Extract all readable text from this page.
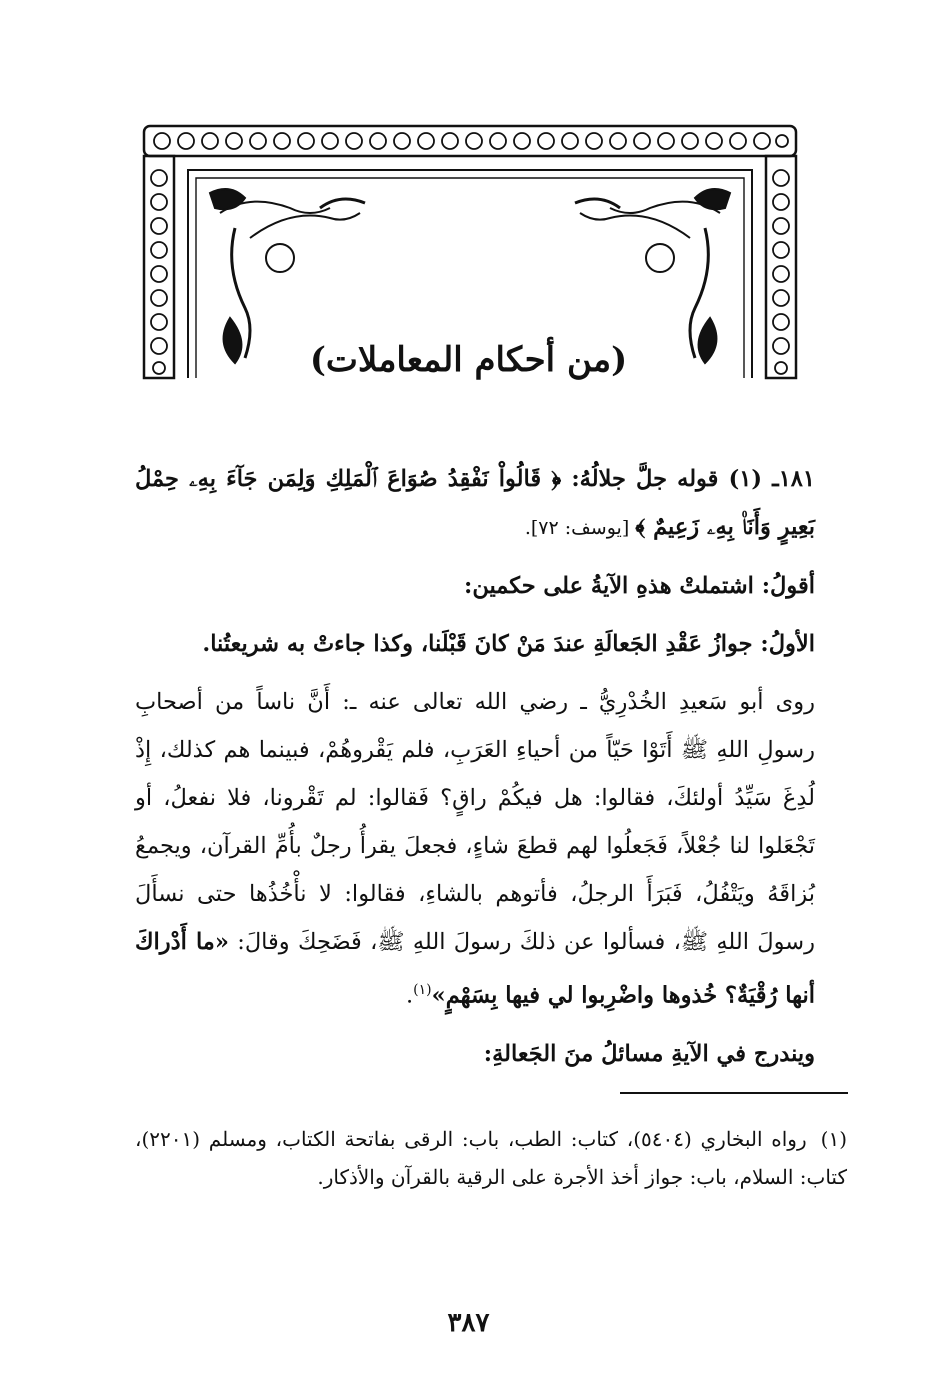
(من أحكام المعاملات)

١٨١ـ (١) قوله جلَّ جلالُهُ: ﴿ قَالُواْ نَفْقِدُ صُوَاعَ ٱلْمَلِكِ وَلِمَن جَآءَ بِهِۦ حِمْلُ بَعِيرٍ وَأَنَا۠ بِهِۦ زَعِيمٌ ﴾ [يوسف: ٧٢].

أقولُ: اشتملتْ هذهِ الآيةُ على حكمين:

الأولُ: جوازُ عَقْدِ الجَعالَةِ عندَ مَنْ كانَ قَبْلَنا، وكذا جاءتْ به شريعتُنا.

روى أبو سَعيدِ الخُدْرِيُّ ـ رضي الله تعالى عنه ـ: أَنَّ ناساً من أصحابِ رسولِ اللهِ ﷺ أَتَوْا حَيّاً من أحياءِ العَرَبِ، فلم يَقْروهُمْ، فبينما هم كذلك، إِذْ لُدِغَ سَيِّدُ أولئكَ، فقالوا: هل فيكُمْ راقٍ؟ فَقالوا: لم تَقْرونا، فلا نفعلُ، أو تَجْعَلوا لنا جُعْلاً، فَجَعلُوا لهم قطعَ شاءٍ، فجعلَ يقرأُ رجلٌ بأُمِّ القرآن، ويجمعُ بُزاقَهُ ويَتْفُلُ، فَبَرَأَ الرجلُ، فأتوهم بالشاءِ، فقالوا: لا نأْخُذُها حتى نسأَلَ رسولَ اللهِ ﷺ، فسألوا عن ذلكَ رسولَ اللهِ ﷺ، فَضَحِكَ وقالَ: «ما أَدْراكَ أنها رُقْيَةٌ؟ خُذوها واضْرِبوا لي فيها بِسَهْمٍ»$^{(١)}$.

ويندرج في الآيةِ مسائلُ منَ الجَعالةِ:

(١)
رواه البخاري (٥٤٠٤)، كتاب: الطب، باب: الرقى بفاتحة الكتاب، ومسلم (٢٢٠١)، كتاب: السلام، باب: جواز أخذ الأجرة على الرقية بالقرآن والأذكار.
٣٨٧
